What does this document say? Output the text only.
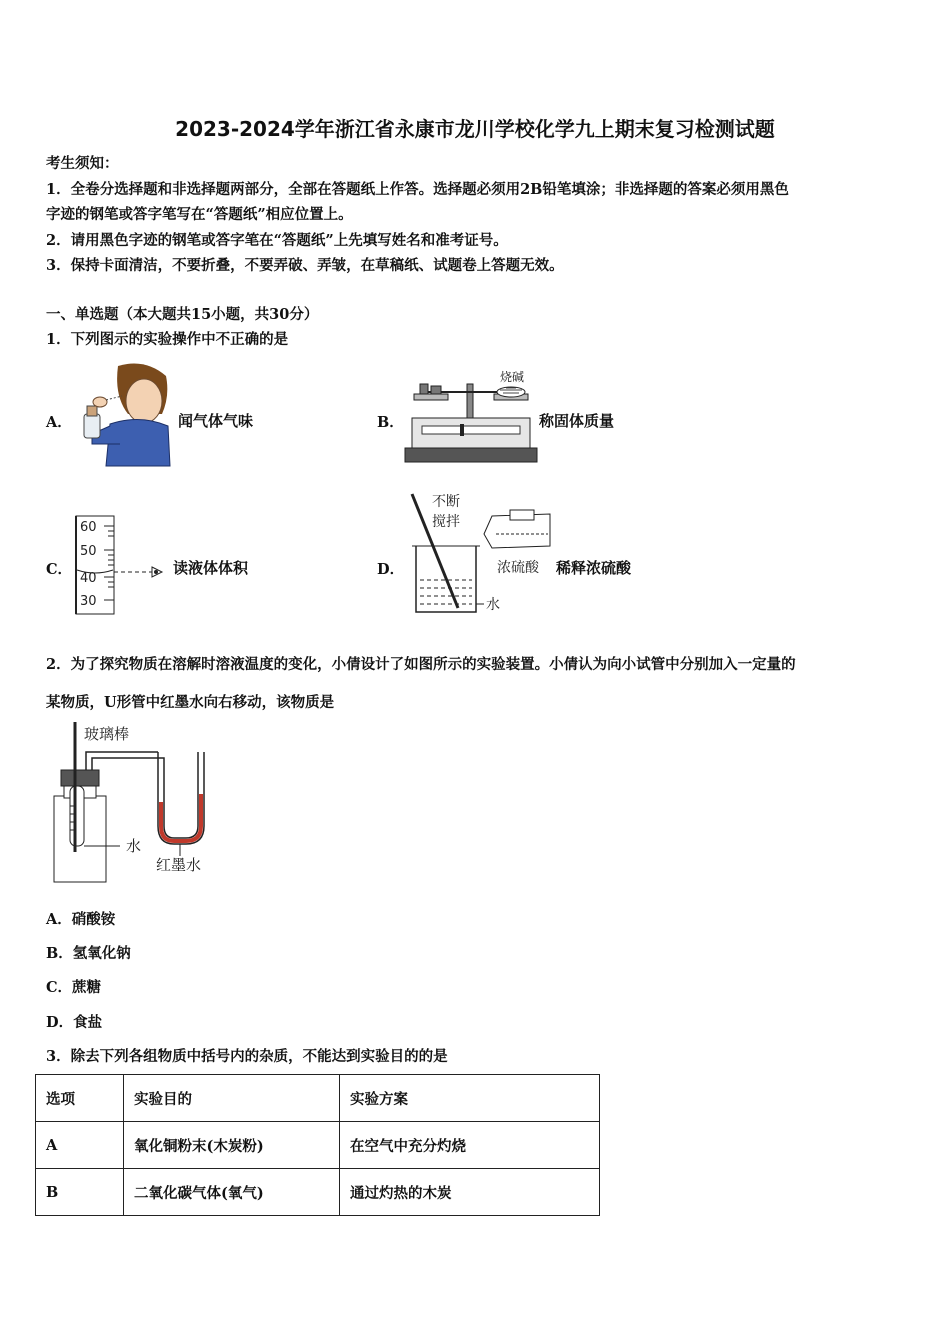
2023-2024学年浙江省永康市龙川学校化学九上期末复习检测试题
考生须知：
1．全卷分选择题和非选择题两部分，全部在答题纸上作答。选择题必须用2B铅笔填涂；非选择题的答案必须用黑色
字迹的钢笔或答字笔写在“答题纸”相应位置上。
2．请用黑色字迹的钢笔或答字笔在“答题纸”上先填写姓名和准考证号。
3．保持卡面清洁，不要折叠，不要弄破、弄皱，在草稿纸、试题卷上答题无效。
一、单选题（本大题共15小题，共30分）
1．下列图示的实验操作中不正确的是
A．	闻气体气味	B．
烧碱
称固体质量
C．
60
50
40
30
读液体体积	D．
不断
搅拌
浓硫酸
水
稀释浓硫酸
2．为了探究物质在溶解时溶液温度的变化，小倩设计了如图所示的实验装置。小倩认为向小试管中分别加入一定量的
某物质，U形管中红墨水向右移动，该物质是
玻璃棒
水
红墨水
A．硝酸铵
B．氢氧化钠
C．蔗糖
D．食盐
3．除去下列各组物质中括号内的杂质，不能达到实验目的的是
选项	实验目的	实验方案
A	氧化铜粉末(木炭粉)	在空气中充分灼烧
B	二氧化碳气体(氧气)	通过灼热的木炭
